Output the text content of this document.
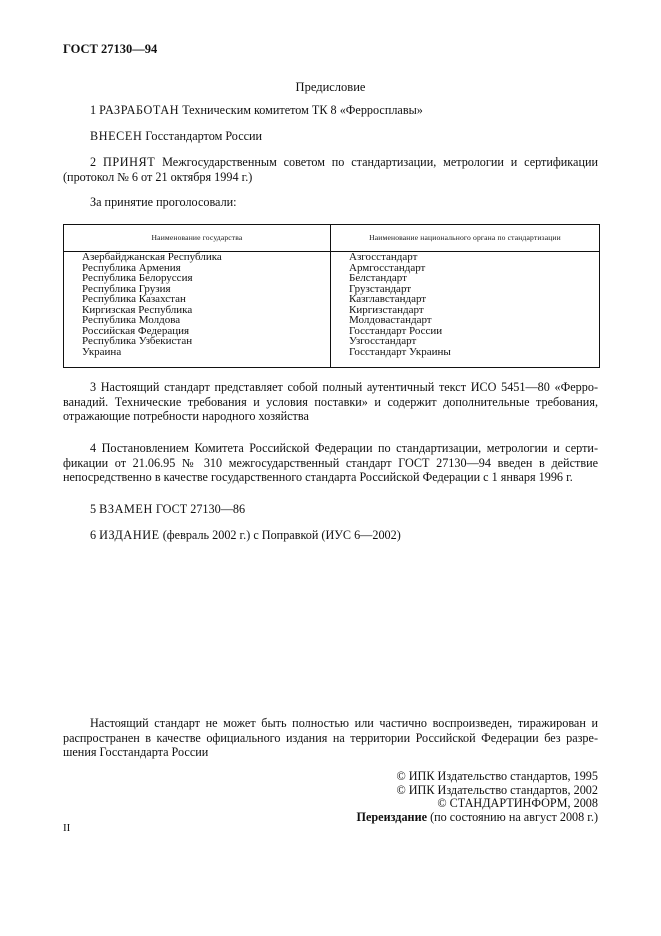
ГОСТ 27130—94
Предисловие
1 РАЗРАБОТАН Техническим комитетом ТК 8 «Ферросплавы»
ВНЕСЕН Госстандартом России
2 ПРИНЯТ Межгосударственным советом по стандартизации, метрологии и сертификации (протокол № 6 от 21 октября 1994 г.)
За принятие проголосовали:
Наименование государства	Наименование национального органа по стандартизации
Азербайджанская Республика
Республика Армения
Республика Белоруссия
Республика Грузия
Республика Казахстан
Киргизская Республика
Республика Молдова
Российская Федерация
Республика Узбекистан
Украина
Азгосстандарт
Армгосстандарт
Белстандарт
Грузстандарт
Казглавстандарт
Киргизстандарт
Молдовастандарт
Госстандарт России
Узгосстандарт
Госстандарт Украины
3 Настоящий стандарт представляет собой полный аутентичный текст ИСО 5451—80 «Феррованадий. Технические требования и условия поставки» и содержит дополнительные требования, отражающие потребности народного хозяйства
4 Постановлением Комитета Российской Федерации по стандартизации, метрологии и сертификации от 21.06.95 № 310 межгосударственный стандарт ГОСТ 27130—94 введен в действие непосредственно в качестве государственного стандарта Российской Федерации с 1 января 1996 г.
5 ВЗАМЕН ГОСТ 27130—86
6 ИЗДАНИЕ (февраль 2002 г.) с Поправкой (ИУС 6—2002)
Настоящий стандарт не может быть полностью или частично воспроизведен, тиражирован и распространен в качестве официального издания на территории Российской Федерации без разрешения Госстандарта России
© ИПК Издательство стандартов, 1995
© ИПК Издательство стандартов, 2002
© СТАНДАРТИНФОРМ, 2008
Переиздание (по состоянию на август 2008 г.)
II
